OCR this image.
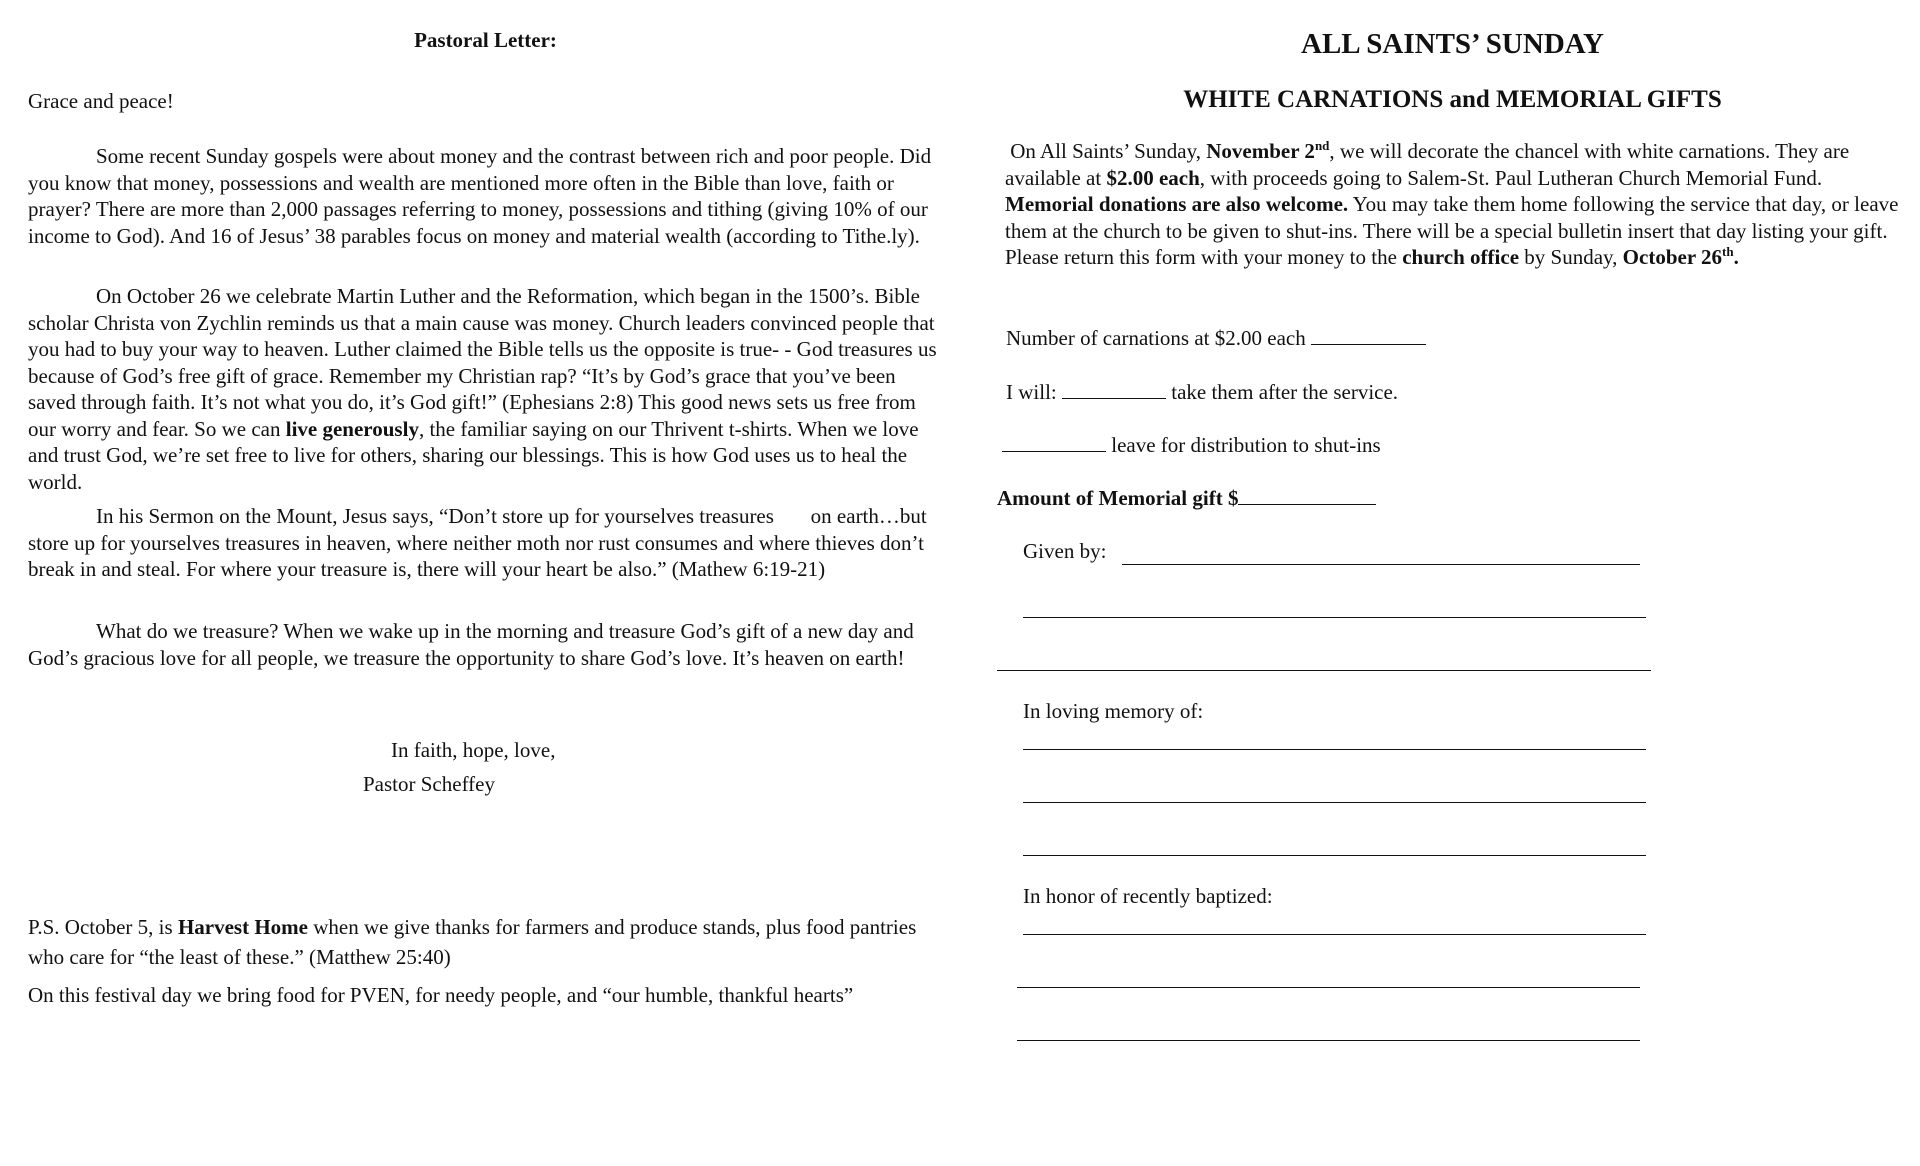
Pastoral Letter:
Grace and peace!

Some recent Sunday gospels were about money and the contrast between rich and poor people. Did you know that money, possessions and wealth are mentioned more often in the Bible than love, faith or prayer? There are more than 2,000 passages referring to money, possessions and tithing (giving 10% of our income to God). And 16 of Jesus’ 38 parables focus on money and material wealth (according to Tithe.ly).

On October 26 we celebrate Martin Luther and the Reformation, which began in the 1500’s. Bible scholar Christa von Zychlin reminds us that a main cause was money. Church leaders convinced people that you had to buy your way to heaven. Luther claimed the Bible tells us the opposite is true- - God treasures us because of God’s free gift of grace. Remember my Christian rap? “It’s by God’s grace that you’ve been saved through faith. It’s not what you do, it’s God gift!” (Ephesians 2:8) This good news sets us free from our worry and fear. So we can live generously, the familiar saying on our Thrivent t-shirts. When we love and trust God, we’re set free to live for others, sharing our blessings. This is how God uses us to heal the world.

In his Sermon on the Mount, Jesus says, “Don’t store up for yourselves treasures       on earth…but store up for yourselves treasures in heaven, where neither moth nor rust consumes and where thieves don’t break in and steal. For where your treasure is, there will your heart be also.” (Mathew 6:19-21)

What do we treasure? When we wake up in the morning and treasure God’s gift of a new day and God’s gracious love for all people, we treasure the opportunity to share God’s love. It’s heaven on earth!

In faith, hope, love,
Pastor Scheffey

P.S. October 5, is Harvest Home when we give thanks for farmers and produce stands, plus food pantries who care for “the least of these.” (Matthew 25:40)

On this festival day we bring food for PVEN, for needy people, and “our humble, thankful hearts”
ALL SAINTS’ SUNDAY
WHITE CARNATIONS and MEMORIAL GIFTS

On All Saints’ Sunday, November 2nd, we will decorate the chancel with white carnations. They are available at $2.00 each, with proceeds going to Salem-St. Paul Lutheran Church Memorial Fund. Memorial donations are also welcome. You may take them home following the service that day, or leave them at the church to be given to shut-ins. There will be a special bulletin insert that day listing your gift. Please return this form with your money to the church office by Sunday, October 26th.

Number of carnations at $2.00 each
I will:	take them after the service.
leave for distribution to shut-ins
Amount of Memorial gift $
Given by:
In loving memory of:
In honor of recently baptized:
